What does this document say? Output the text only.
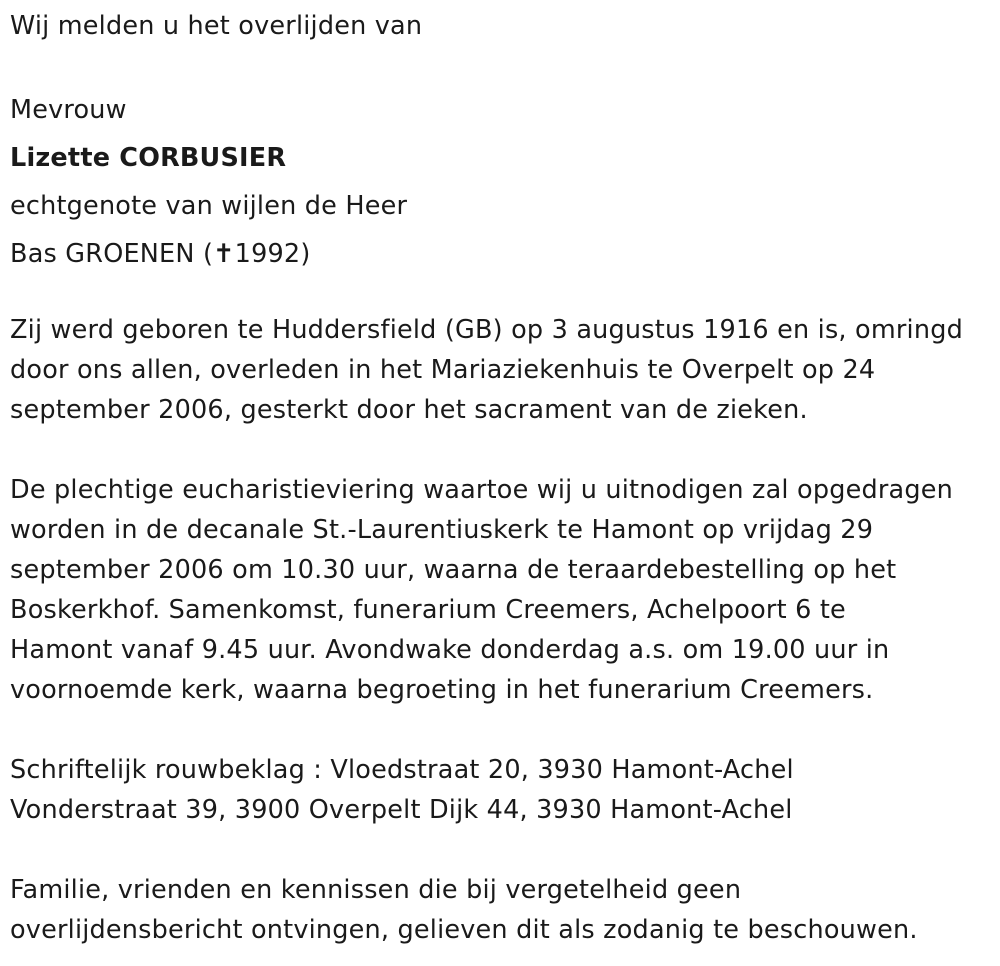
Wij melden u het overlijden van
Mevrouw
Lizette CORBUSIER
echtgenote van wijlen de Heer
Bas GROENEN (✝1992)
Zij werd geboren te Huddersfield (GB) op 3 augustus 1916 en is, omringd
door ons allen, overleden in het Mariaziekenhuis te Overpelt op 24
september 2006, gesterkt door het sacrament van de zieken.
De plechtige eucharistieviering waartoe wij u uitnodigen zal opgedragen
worden in de decanale St.-Laurentiuskerk te Hamont op vrijdag 29
september 2006 om 10.30 uur, waarna de teraardebestelling op het
Boskerkhof. Samenkomst, funerarium Creemers, Achelpoort 6 te
Hamont vanaf 9.45 uur. Avondwake donderdag a.s. om 19.00 uur in
voornoemde kerk, waarna begroeting in het funerarium Creemers.
Schriftelijk rouwbeklag : Vloedstraat 20, 3930 Hamont-Achel
Vonderstraat 39, 3900 Overpelt Dijk 44, 3930 Hamont-Achel
Familie, vrienden en kennissen die bij vergetelheid geen
overlijdensbericht ontvingen, gelieven dit als zodanig te beschouwen.
